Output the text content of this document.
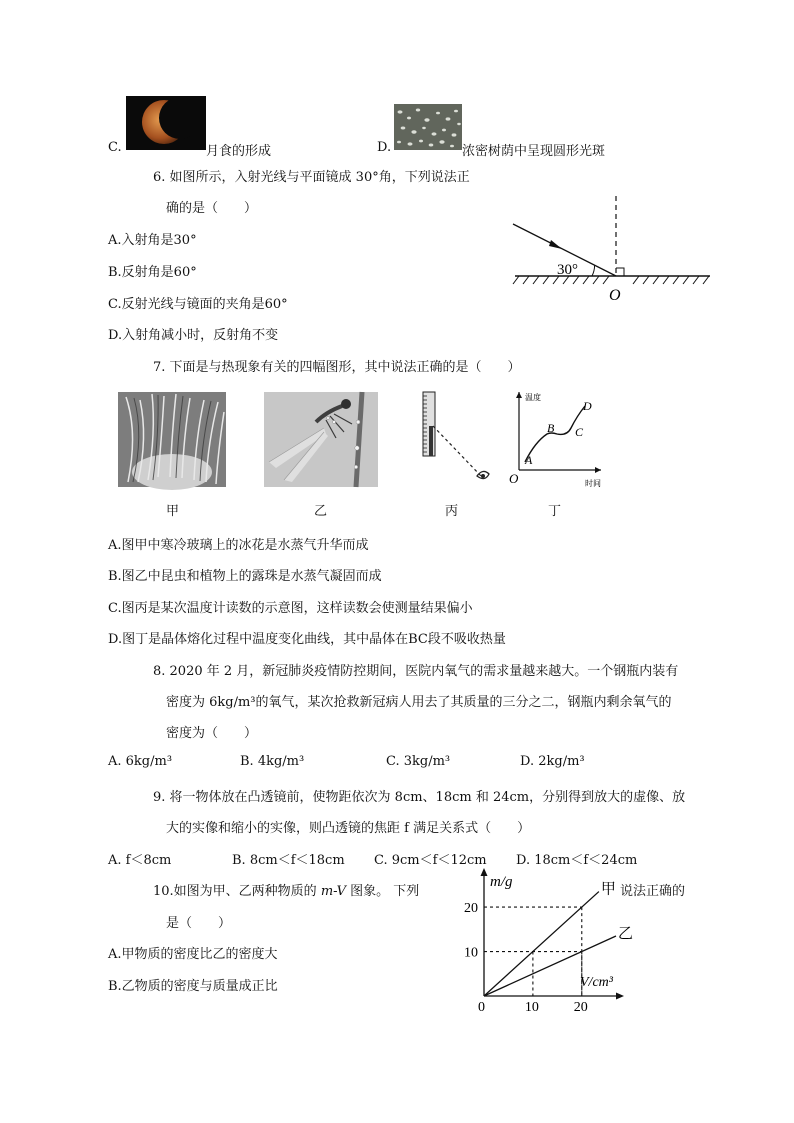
C.	月食的形成	D.	浓密树荫中呈现圆形光斑
6. 如图所示，入射光线与平面镜成 30°角，下列说法正
确的是（　　）
A.入射角是30°
B.反射角是60°
C.反射光线与镜面的夹角是60°
D.入射角减小时，反射角不变
30°
O
7. 下面是与热现象有关的四幅图形，其中说法正确的是（　　）
温度
时间
O
A
B C
D
甲	乙	丙	丁
A.图甲中寒冷玻璃上的冰花是水蒸气升华而成
B.图乙中昆虫和植物上的露珠是水蒸气凝固而成
C.图丙是某次温度计读数的示意图，这样读数会使测量结果偏小
D.图丁是晶体熔化过程中温度变化曲线，其中晶体在BC段不吸收热量
8. 2020 年 2 月，新冠肺炎疫情防控期间，医院内氧气的需求量越来越大。一个钢瓶内装有
密度为 6kg/m³的氧气，某次抢救新冠病人用去了其质量的三分之二，钢瓶内剩余氧气的
密度为（　　）
A. 6kg/m³	B. 4kg/m³	C. 3kg/m³	D. 2kg/m³
9. 将一物体放在凸透镜前，使物距依次为 8cm、18cm 和 24cm，分别得到放大的虚像、放
大的实像和缩小的实像，则凸透镜的焦距 f 满足关系式（　　）
A. f＜8cm	B. 8cm＜f＜18cm C. 9cm＜f＜12cm D. 18cm＜f＜24cm
10.如图为甲、乙两种物质的 m-V 图象。 下列	说法正确的
是（　　）
A.甲物质的密度比乙的密度大
B.乙物质的密度与质量成正比
甲
乙
10 20
10
20
m/g
V/cm³
0
